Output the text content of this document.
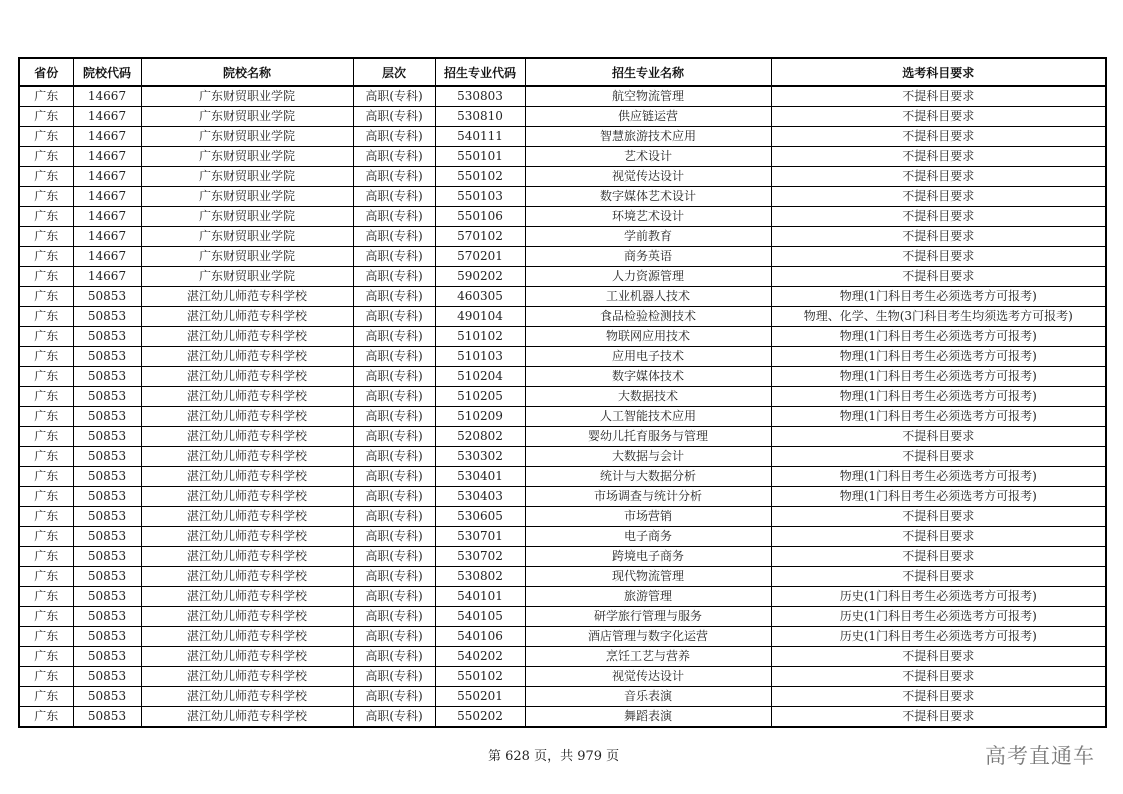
省份	院校代码	院校名称	层次	招生专业代码	招生专业名称	选考科目要求
广东	14667	广东财贸职业学院	高职(专科)	530803	航空物流管理	不提科目要求
广东	14667	广东财贸职业学院	高职(专科)	530810	供应链运营	不提科目要求
广东	14667	广东财贸职业学院	高职(专科)	540111	智慧旅游技术应用	不提科目要求
广东	14667	广东财贸职业学院	高职(专科)	550101	艺术设计	不提科目要求
广东	14667	广东财贸职业学院	高职(专科)	550102	视觉传达设计	不提科目要求
广东	14667	广东财贸职业学院	高职(专科)	550103	数字媒体艺术设计	不提科目要求
广东	14667	广东财贸职业学院	高职(专科)	550106	环境艺术设计	不提科目要求
广东	14667	广东财贸职业学院	高职(专科)	570102	学前教育	不提科目要求
广东	14667	广东财贸职业学院	高职(专科)	570201	商务英语	不提科目要求
广东	14667	广东财贸职业学院	高职(专科)	590202	人力资源管理	不提科目要求
广东	50853	湛江幼儿师范专科学校	高职(专科)	460305	工业机器人技术	物理(1门科目考生必须选考方可报考)
广东	50853	湛江幼儿师范专科学校	高职(专科)	490104	食品检验检测技术	物理、化学、生物(3门科目考生均须选考方可报考)
广东	50853	湛江幼儿师范专科学校	高职(专科)	510102	物联网应用技术	物理(1门科目考生必须选考方可报考)
广东	50853	湛江幼儿师范专科学校	高职(专科)	510103	应用电子技术	物理(1门科目考生必须选考方可报考)
广东	50853	湛江幼儿师范专科学校	高职(专科)	510204	数字媒体技术	物理(1门科目考生必须选考方可报考)
广东	50853	湛江幼儿师范专科学校	高职(专科)	510205	大数据技术	物理(1门科目考生必须选考方可报考)
广东	50853	湛江幼儿师范专科学校	高职(专科)	510209	人工智能技术应用	物理(1门科目考生必须选考方可报考)
广东	50853	湛江幼儿师范专科学校	高职(专科)	520802	婴幼儿托育服务与管理	不提科目要求
广东	50853	湛江幼儿师范专科学校	高职(专科)	530302	大数据与会计	不提科目要求
广东	50853	湛江幼儿师范专科学校	高职(专科)	530401	统计与大数据分析	物理(1门科目考生必须选考方可报考)
广东	50853	湛江幼儿师范专科学校	高职(专科)	530403	市场调查与统计分析	物理(1门科目考生必须选考方可报考)
广东	50853	湛江幼儿师范专科学校	高职(专科)	530605	市场营销	不提科目要求
广东	50853	湛江幼儿师范专科学校	高职(专科)	530701	电子商务	不提科目要求
广东	50853	湛江幼儿师范专科学校	高职(专科)	530702	跨境电子商务	不提科目要求
广东	50853	湛江幼儿师范专科学校	高职(专科)	530802	现代物流管理	不提科目要求
广东	50853	湛江幼儿师范专科学校	高职(专科)	540101	旅游管理	历史(1门科目考生必须选考方可报考)
广东	50853	湛江幼儿师范专科学校	高职(专科)	540105	研学旅行管理与服务	历史(1门科目考生必须选考方可报考)
广东	50853	湛江幼儿师范专科学校	高职(专科)	540106	酒店管理与数字化运营	历史(1门科目考生必须选考方可报考)
广东	50853	湛江幼儿师范专科学校	高职(专科)	540202	烹饪工艺与营养	不提科目要求
广东	50853	湛江幼儿师范专科学校	高职(专科)	550102	视觉传达设计	不提科目要求
广东	50853	湛江幼儿师范专科学校	高职(专科)	550201	音乐表演	不提科目要求
广东	50853	湛江幼儿师范专科学校	高职(专科)	550202	舞蹈表演	不提科目要求
第 628 页，共 979 页	高考直通车
